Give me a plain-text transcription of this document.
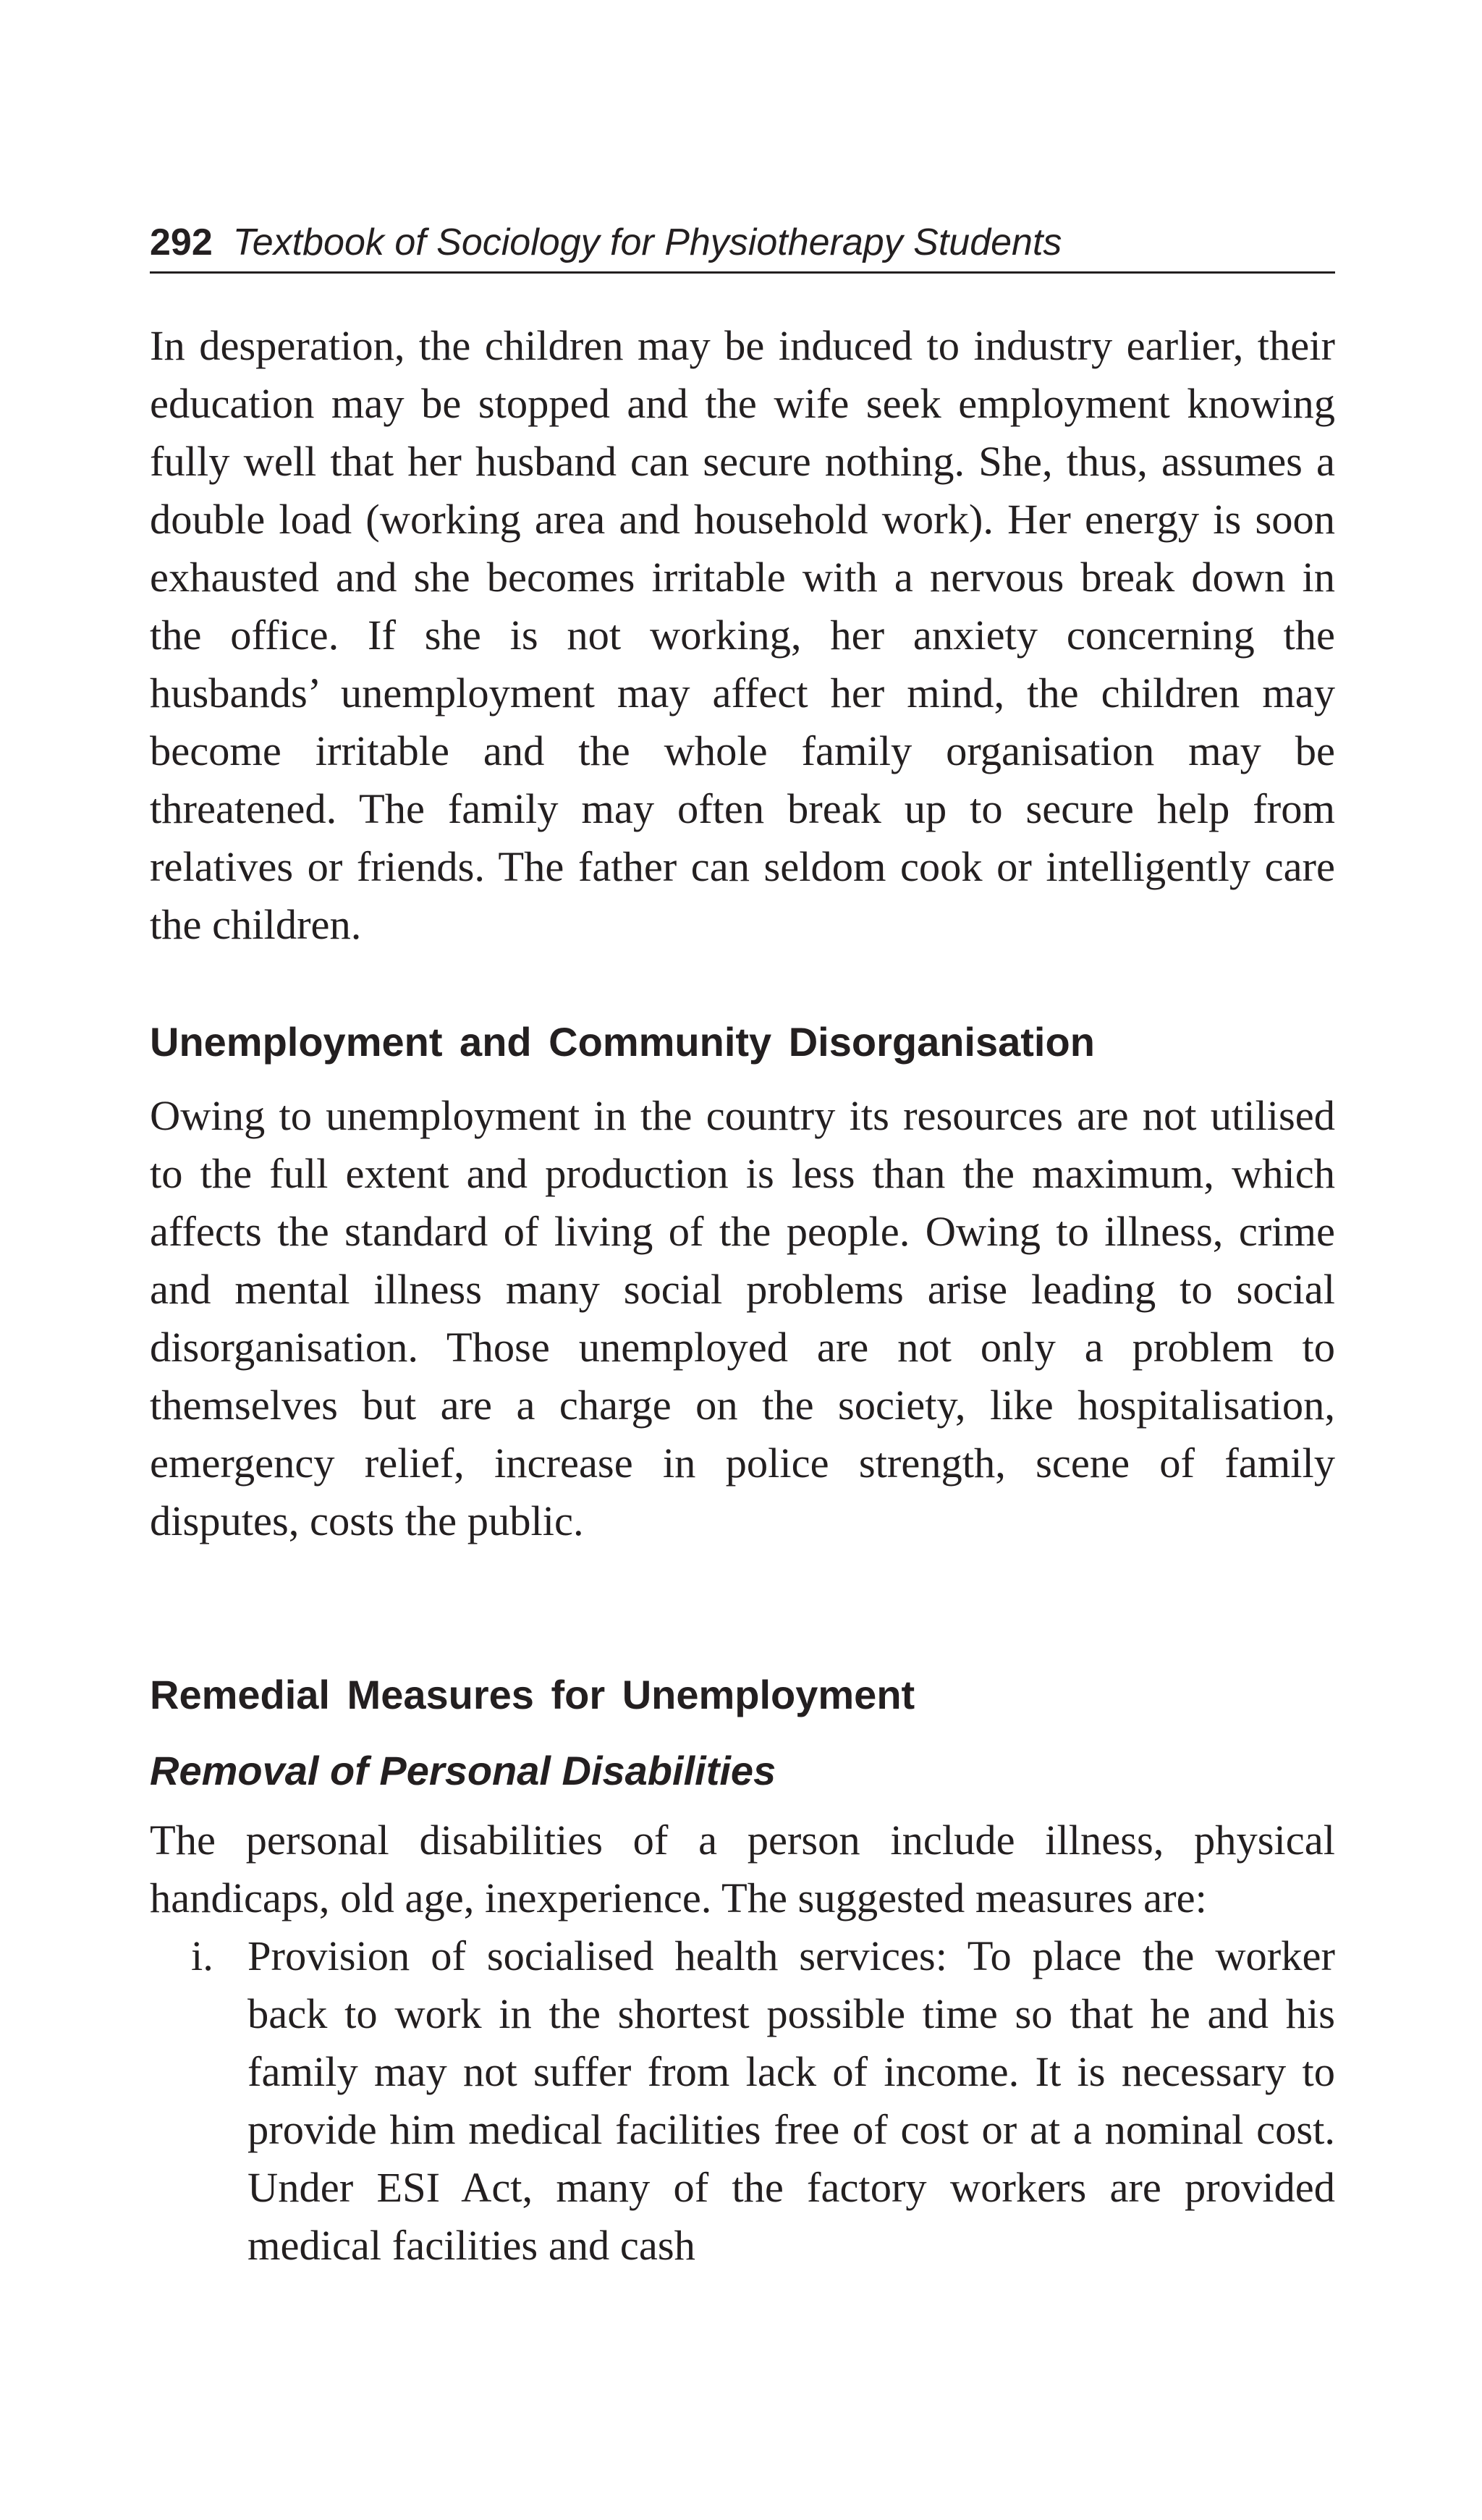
292 Textbook of Sociology for Physiotherapy Students

In desperation, the children may be induced to industry earlier, their education may be stopped and the wife seek employment knowing fully well that her husband can secure nothing. She, thus, assumes a double load (working area and household work). Her energy is soon exhausted and she becomes irritable with a nervous break down in the office. If she is not working, her anxiety concerning the husbands’ unemployment may affect her mind, the children may become irritable and the whole family organisation may be threatened. The family may often break up to secure help from relatives or friends. The father can seldom cook or intelligently care the children.

Unemployment and Community Disorganisation

Owing to unemployment in the country its resources are not utilised to the full extent and production is less than the maximum, which affects the standard of living of the people. Owing to illness, crime and mental illness many social problems arise leading to social disorganisation. Those unemployed are not only a problem to themselves but are a charge on the society, like hospitalisation, emergency relief, increase in police strength, scene of family disputes, costs the public.

Remedial Measures for Unemployment
Removal of Personal Disabilities

The personal disabilities of a person include illness, physical handicaps, old age, inexperience. The suggested measures are:

i. Provision of socialised health services: To place the worker back to work in the shortest possible time so that he and his family may not suffer from lack of income. It is necessary to provide him medical facilities free of cost or at a nominal cost. Under ESI Act, many of the factory workers are provided medical facilities and cash
